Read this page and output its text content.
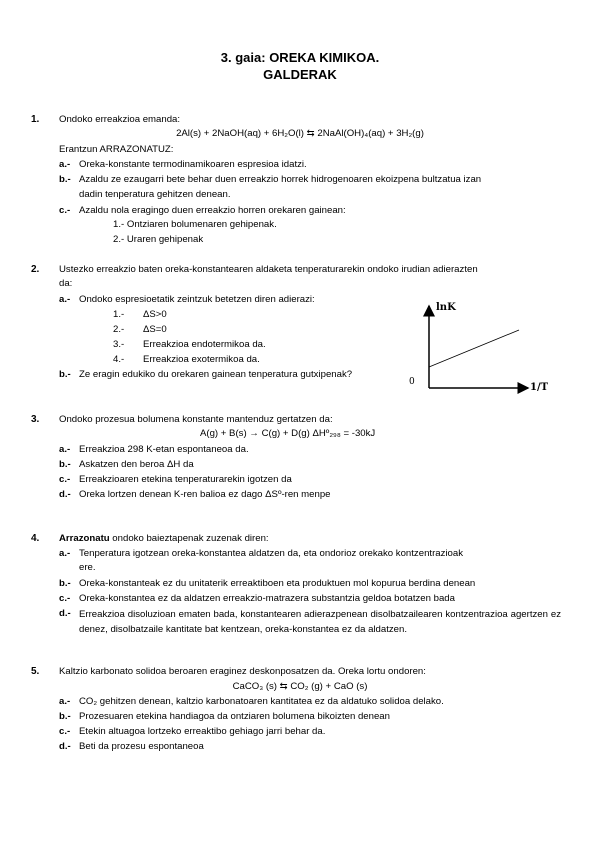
3. gaia: OREKA KIMIKOA.
GALDERAK
1. Ondoko erreakzioa emanda:
2Al(s) + 2NaOH(aq) + 6H₂O(l) ⇆ 2NaAl(OH)₄(aq) + 3H₂(g)
Erantzun ARRAZONATUZ:
a.- Oreka-konstante termodinamikoaren espresioa idatzi.
b.- Azaldu ze ezaugarri bete behar duen erreakzio horrek hidrogenoaren ekoizpena bultzatua izan
dadin tenperatura gehitzen denean.
c.- Azaldu nola eragingo duen erreakzio horren orekaren gainean:
1.- Ontziaren bolumenaren gehipenak.
2.- Uraren gehipenak
2. Ustezko erreakzio baten oreka-konstantearen aldaketa tenperaturarekin ondoko irudian adierazten
da:
a.- Ondoko espresioetatik zeintzuk betetzen diren adierazi:
1.- ΔS>0
2.- ΔS=0
3.- Erreakzioa endotermikoa da.
4.- Erreakzioa exotermikoa da.
b.- Ze eragin edukiko du orekaren gainean tenperatura gutxipenak?
lnK
1/T
0
3. Ondoko prozesua bolumena konstante mantenduz gertatzen da:
A(g) + B(s) → C(g) + D(g) ΔHº₂₉₈ = -30kJ
a.- Erreakzioa 298 K-etan espontaneoa da.
b.- Askatzen den beroa ΔH da
c.- Erreakzioaren etekina tenperaturarekin igotzen da
d.- Oreka lortzen denean K-ren balioa ez dago ΔSº-ren menpe
4. Arrazonatu ondoko baieztapenak zuzenak diren:
a.- Tenperatura igotzean oreka-konstantea aldatzen da, eta ondorioz orekako kontzentrazioak
ere.
b.- Oreka-konstanteak ez du unitaterik erreaktiboen eta produktuen mol kopurua berdina denean
c.- Oreka-konstantea ez da aldatzen erreakzio-matrazera substantzia geldoa botatzen bada
d.- Erreakzioa disoluzioan ematen bada, konstantearen adierazpenean disolbatzailearen kontzentrazioa agertzen ez denez, disolbatzaile kantitate bat kentzean, oreka-konstantea ez da aldatzen.
5. Kaltzio karbonato solidoa beroaren eraginez deskonposatzen da. Oreka lortu ondoren:
CaCO₃ (s) ⇆ CO₂ (g) + CaO (s)
a.- CO₂ gehitzen denean, kaltzio karbonatoaren kantitatea ez da aldatuko solidoa delako.
b.- Prozesuaren etekina handiagoa da ontziaren bolumena bikoizten denean
c.- Etekin altuagoa lortzeko erreaktibo gehiago jarri behar da.
d.- Beti da prozesu espontaneoa
